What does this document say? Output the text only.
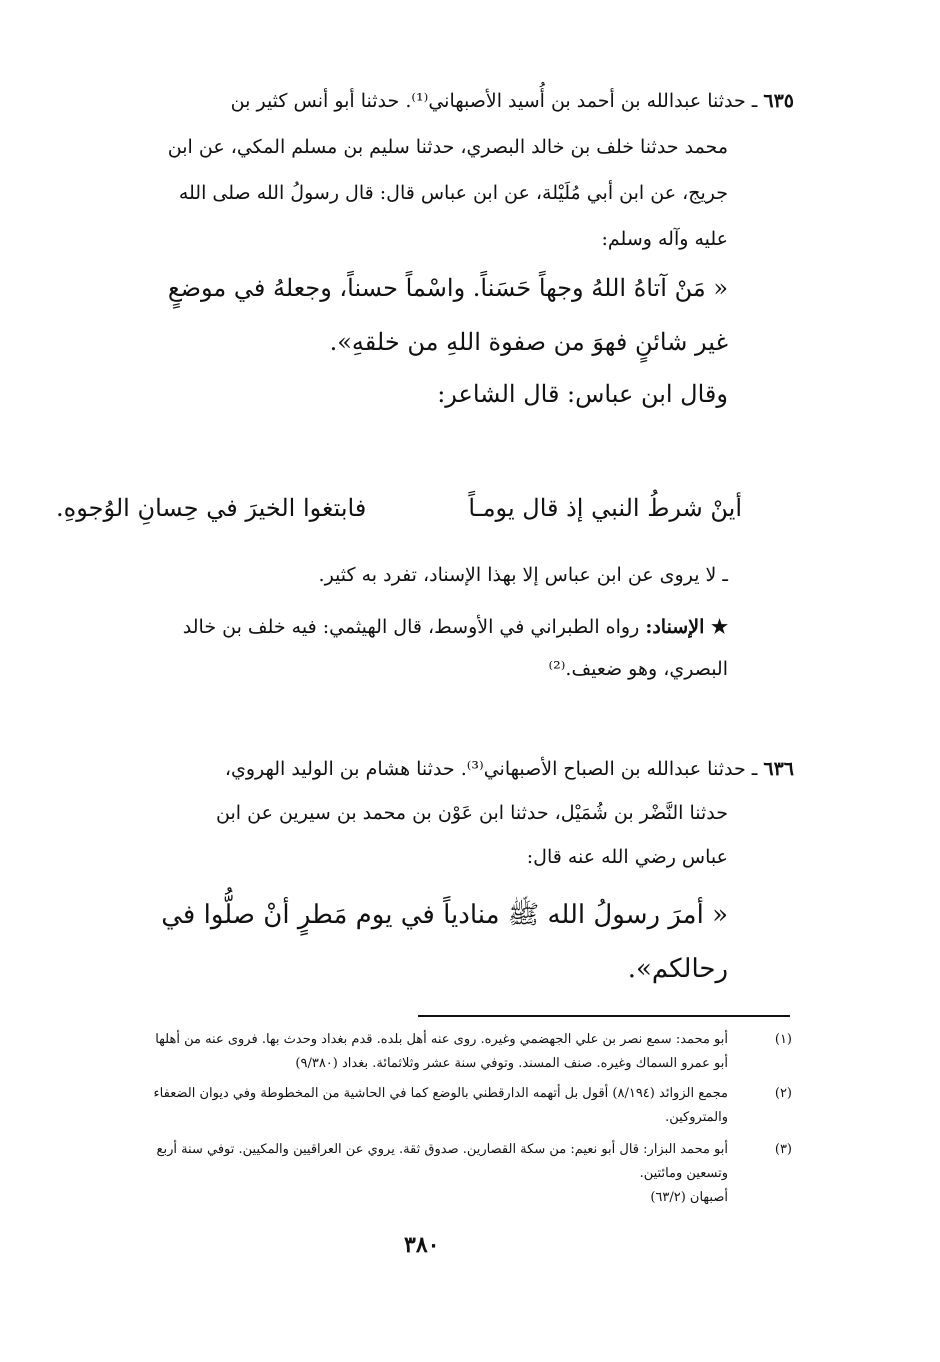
٦٣٥ ـ حدثنا عبدالله بن أحمد بن أُسيد الأصبهاني⁽¹⁾. حدثنا أبو أنس كثير بن
محمد حدثنا خلف بن خالد البصري، حدثنا سليم بن مسلم المكي، عن ابن
جريج، عن ابن أبي مُلَيْلة، عن ابن عباس قال: قال رسولُ الله صلى الله
عليه وآله وسلم:
« مَنْ آتاهُ اللهُ وجهاً حَسَناً. واسْماً حسناً، وجعلهُ في موضعٍ
غير شائنٍ فهوَ من صفوة اللهِ من خلقهِ».
وقال ابن عباس: قال الشاعر:
أينْ شرطُ النبي إذ قال يومـاً
فابتغوا الخيرَ في حِسانِ الوُجوهِ.
ـ لا يروى عن ابن عباس إلا بهذا الإسناد، تفرد به كثير.
★ الإسناد: رواه الطبراني في الأوسط، قال الهيثمي: فيه خلف بن خالد
البصري، وهو ضعيف.⁽²⁾
٦٣٦ ـ حدثنا عبدالله بن الصباح الأصبهاني⁽³⁾. حدثنا هشام بن الوليد الهروي،
حدثنا النَّضْر بن شُمَيْل، حدثنا ابن عَوْن بن محمد بن سيرين عن ابن
عباس رضي الله عنه قال:
« أمرَ رسولُ الله ﷺ منادياً في يوم مَطرٍ أنْ صلُّوا في
رحالكم».
(١)
أبو محمد: سمع نصر بن علي الجهضمي وغيره. روى عنه أهل بلده. قدم بغداد وحدث بها. فروى عنه من أهلها
أبو عمرو السماك وغيره. صنف المسند. وتوفي سنة عشر وثلاثمائة. بغداد (٩/٣٨٠)
(٢)
مجمع الزوائد (٨/١٩٤) أقول بل أتهمه الدارقطني بالوضع كما في الحاشية من المخطوطة وفي ديوان الضعفاء
والمتروكين.
(٣)
أبو محمد البزار: قال أبو نعيم: من سكة القصارين. صدوق ثقة. يروي عن العراقيين والمكيين. توفي سنة أربع
وتسعين ومائتين.
أصبهان (٦٣/٢)
٣٨٠
